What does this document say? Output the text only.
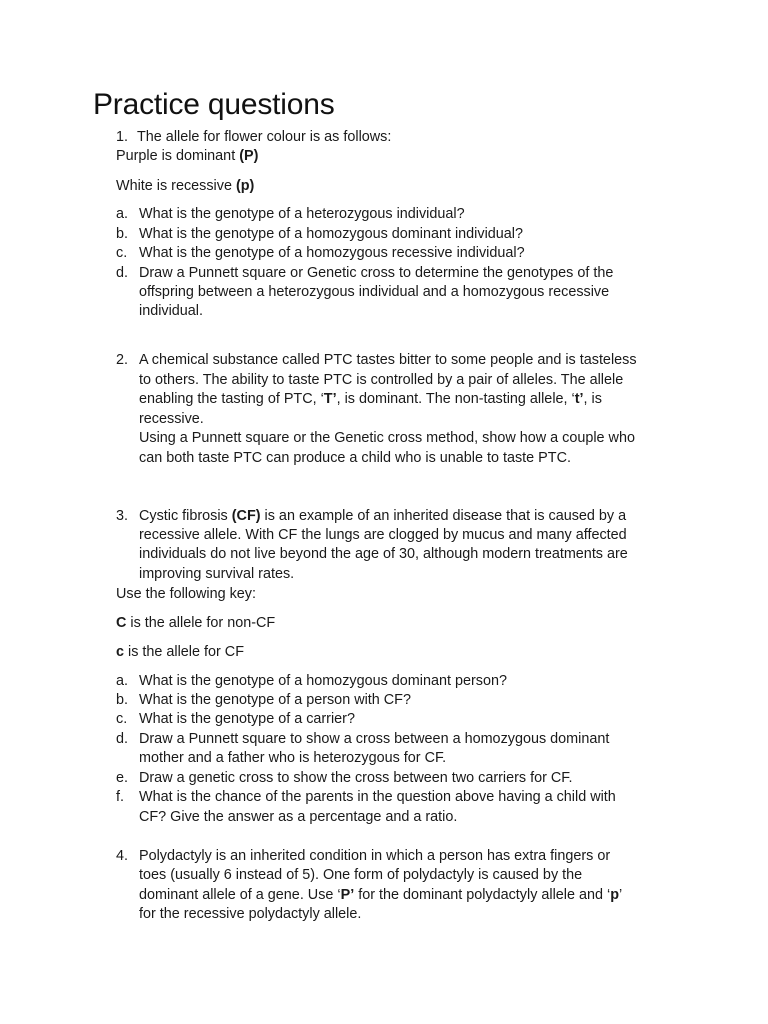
Practice questions
1. The allele for flower colour is as follows:
Purple is dominant (P)
White is recessive (p)
a. What is the genotype of a heterozygous individual?
b. What is the genotype of a homozygous dominant individual?
c. What is the genotype of a homozygous recessive individual?
d. Draw a Punnett square or Genetic cross to determine the genotypes of the
offspring between a heterozygous individual and a homozygous recessive
individual.
2. A chemical substance called PTC tastes bitter to some people and is tasteless
to others. The ability to taste PTC is controlled by a pair of alleles. The allele
enabling the tasting of PTC, ‘T’, is dominant. The non-tasting allele, ‘t’, is
recessive.
Using a Punnett square or the Genetic cross method, show how a couple who
can both taste PTC can produce a child who is unable to taste PTC.
3. Cystic fibrosis (CF) is an example of an inherited disease that is caused by a
recessive allele. With CF the lungs are clogged by mucus and many affected
individuals do not live beyond the age of 30, although modern treatments are
improving survival rates.
Use the following key:
C is the allele for non-CF
c is the allele for CF
a. What is the genotype of a homozygous dominant person?
b. What is the genotype of a person with CF?
c. What is the genotype of a carrier?
d. Draw a Punnett square to show a cross between a homozygous dominant
mother and a father who is heterozygous for CF.
e. Draw a genetic cross to show the cross between two carriers for CF.
f. What is the chance of the parents in the question above having a child with
CF? Give the answer as a percentage and a ratio.
4. Polydactyly is an inherited condition in which a person has extra fingers or
toes (usually 6 instead of 5). One form of polydactyly is caused by the
dominant allele of a gene. Use ‘P’ for the dominant polydactyly allele and ‘p’
for the recessive polydactyly allele.
